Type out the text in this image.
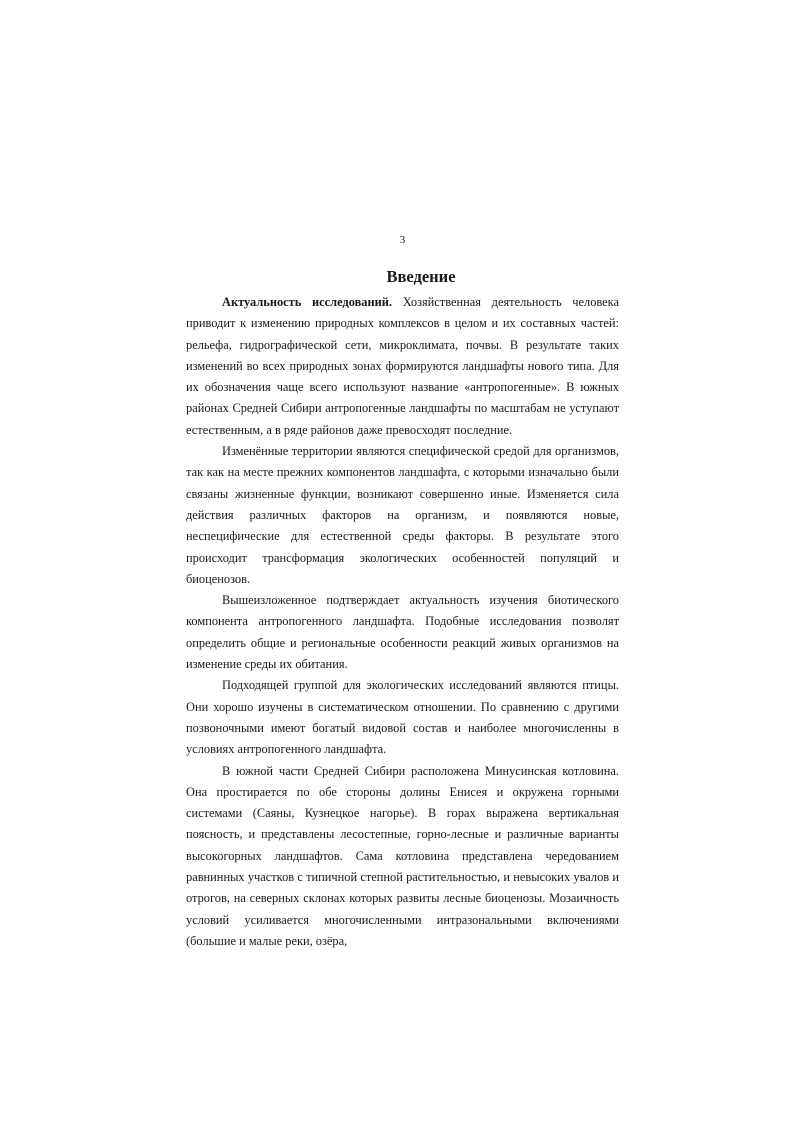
3
Введение

Актуальность исследований. Хозяйственная деятельность человека приводит к изменению природных комплексов в целом и их составных частей: рельефа, гидрографической сети, микроклимата, почвы. В результате таких изменений во всех природных зонах формируются ландшафты нового типа. Для их обозначения чаще всего используют название «антропогенные». В южных районах Средней Сибири антропогенные ландшафты по масштабам не уступают естественным, а в ряде районов даже превосходят последние.

Изменённые территории являются специфической средой для организмов, так как на месте прежних компонентов ландшафта, с которыми изначально были связаны жизненные функции, возникают совершенно иные. Изменяется сила действия различных факторов на организм, и появляются новые, неспецифические для естественной среды факторы. В результате этого происходит трансформация экологических особенностей популяций и биоценозов.

Вышеизложенное подтверждает актуальность изучения биотического компонента антропогенного ландшафта. Подобные исследования позволят определить общие и региональные особенности реакций живых организмов на изменение среды их обитания.

Подходящей группой для экологических исследований являются птицы. Они хорошо изучены в систематическом отношении. По сравнению с другими позвоночными имеют богатый видовой состав и наиболее многочисленны в условиях антропогенного ландшафта.

В южной части Средней Сибири расположена Минусинская котловина. Она простирается по обе стороны долины Енисея и окружена горными системами (Саяны, Кузнецкое нагорье). В горах выражена вертикальная поясность, и представлены лесостепные, горно-лесные и различные варианты высокогорных ландшафтов. Сама котловина представлена чередованием равнинных участков с типичной степной растительностью, и невысоких увалов и отрогов, на северных склонах которых развиты лесные биоценозы. Мозаичность условий усиливается многочисленными интразональными включениями (большие и малые реки, озёра,
